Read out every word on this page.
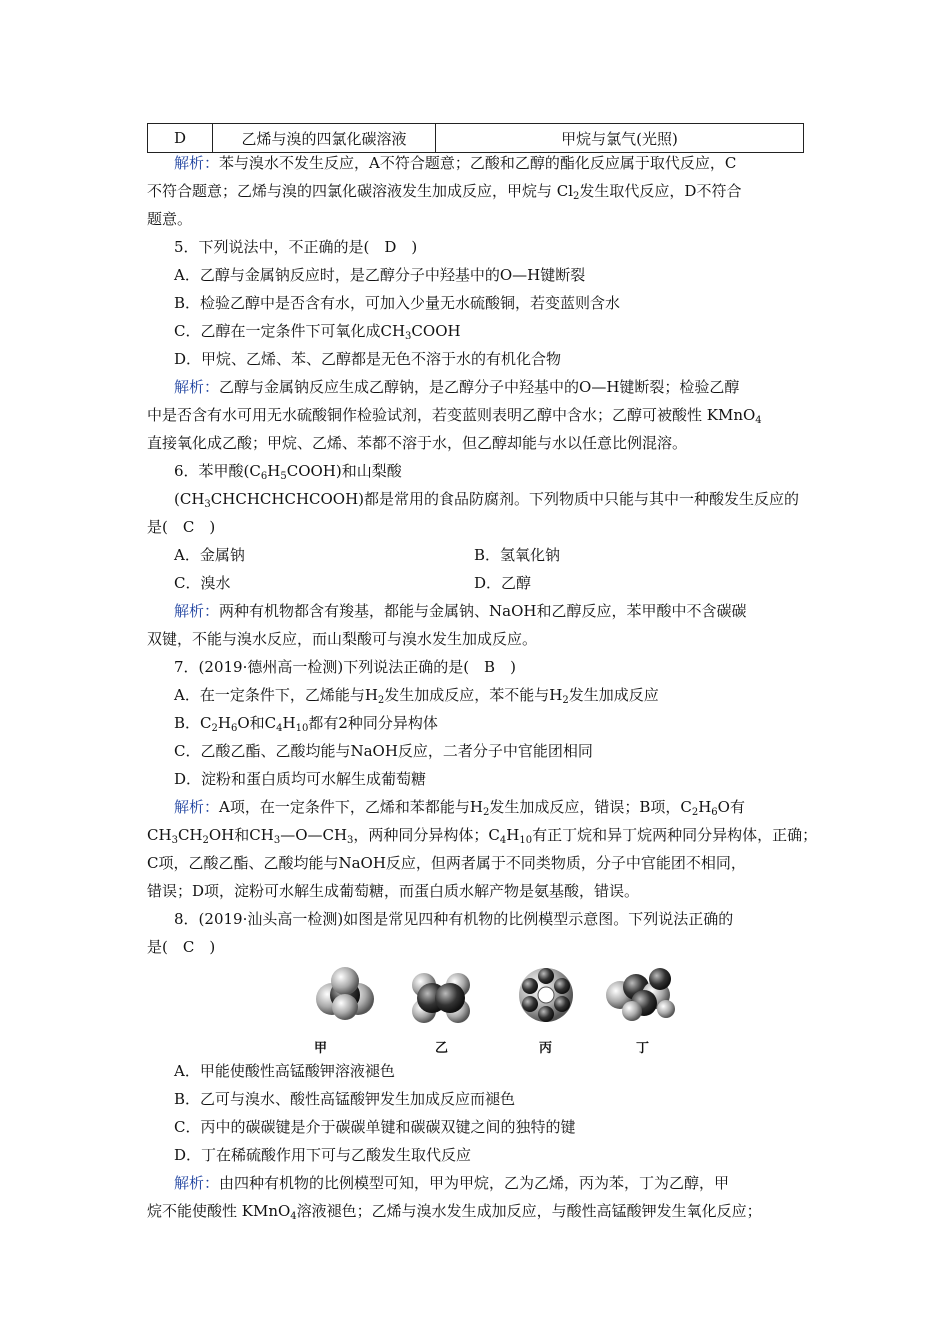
D	乙烯与溴的四氯化碳溶液	甲烷与氯气(光照)
解析：苯与溴水不发生反应，A不符合题意；乙酸和乙醇的酯化反应属于取代反应，C
不符合题意；乙烯与溴的四氯化碳溶液发生加成反应，甲烷与 $Cl_2$发生取代反应，D不符合
题意。
5．下列说法中，不正确的是(　D　)
A．乙醇与金属钠反应时，是乙醇分子中羟基中的O—H键断裂
B．检验乙醇中是否含有水，可加入少量无水硫酸铜，若变蓝则含水
C．乙醇在一定条件下可氧化成$CH_3COOH$
D．甲烷、乙烯、苯、乙醇都是无色不溶于水的有机化合物
解析：乙醇与金属钠反应生成乙醇钠，是乙醇分子中羟基中的O—H键断裂；检验乙醇
中是否含有水可用无水硫酸铜作检验试剂，若变蓝则表明乙醇中含水；乙醇可被酸性 KMnO$_4$
直接氧化成乙酸；甲烷、乙烯、苯都不溶于水，但乙醇却能与水以任意比例混溶。
6．苯甲酸$(C_6H_5COOH)$和山梨酸
$(CH_3CHCHCHCHCOOH)$都是常用的食品防腐剂。下列物质中只能与其中一种酸发生反应的
是(　C　)
A．金属钠	B．氢氧化钠
C．溴水	D．乙醇
解析：两种有机物都含有羧基，都能与金属钠、NaOH和乙醇反应，苯甲酸中不含碳碳
双键，不能与溴水反应，而山梨酸可与溴水发生加成反应。
7．(2019·德州高一检测)下列说法正确的是(　B　)
A．在一定条件下，乙烯能与$H_2$发生加成反应，苯不能与$H_2$发生加成反应
B．$C_2H_6O$和$C_4H_{10}$都有2种同分异构体
C．乙酸乙酯、乙酸均能与NaOH反应，二者分子中官能团相同
D．淀粉和蛋白质均可水解生成葡萄糖
解析：A项，在一定条件下，乙烯和苯都能与$H_2$发生加成反应，错误；B项，$C_2H_6O$有
$CH_3CH_2OH$和$CH_3—O—CH_3$，两种同分异构体；$C_4H_{10}$有正丁烷和异丁烷两种同分异构体，正确；
C项，乙酸乙酯、乙酸均能与NaOH反应，但两者属于不同类物质，分子中官能团不相同，
错误；D项，淀粉可水解生成葡萄糖，而蛋白质水解产物是氨基酸，错误。
8．(2019·汕头高一检测)如图是常见四种有机物的比例模型示意图。下列说法正确的
是(　C　)
甲	乙	丙	丁
A．甲能使酸性高锰酸钾溶液褪色
B．乙可与溴水、酸性高锰酸钾发生加成反应而褪色
C．丙中的碳碳键是介于碳碳单键和碳碳双键之间的独特的键
D．丁在稀硫酸作用下可与乙酸发生取代反应
解析：由四种有机物的比例模型可知，甲为甲烷，乙为乙烯，丙为苯，丁为乙醇，甲
烷不能使酸性 KMnO$_4$溶液褪色；乙烯与溴水发生成加反应，与酸性高锰酸钾发生氧化反应；
